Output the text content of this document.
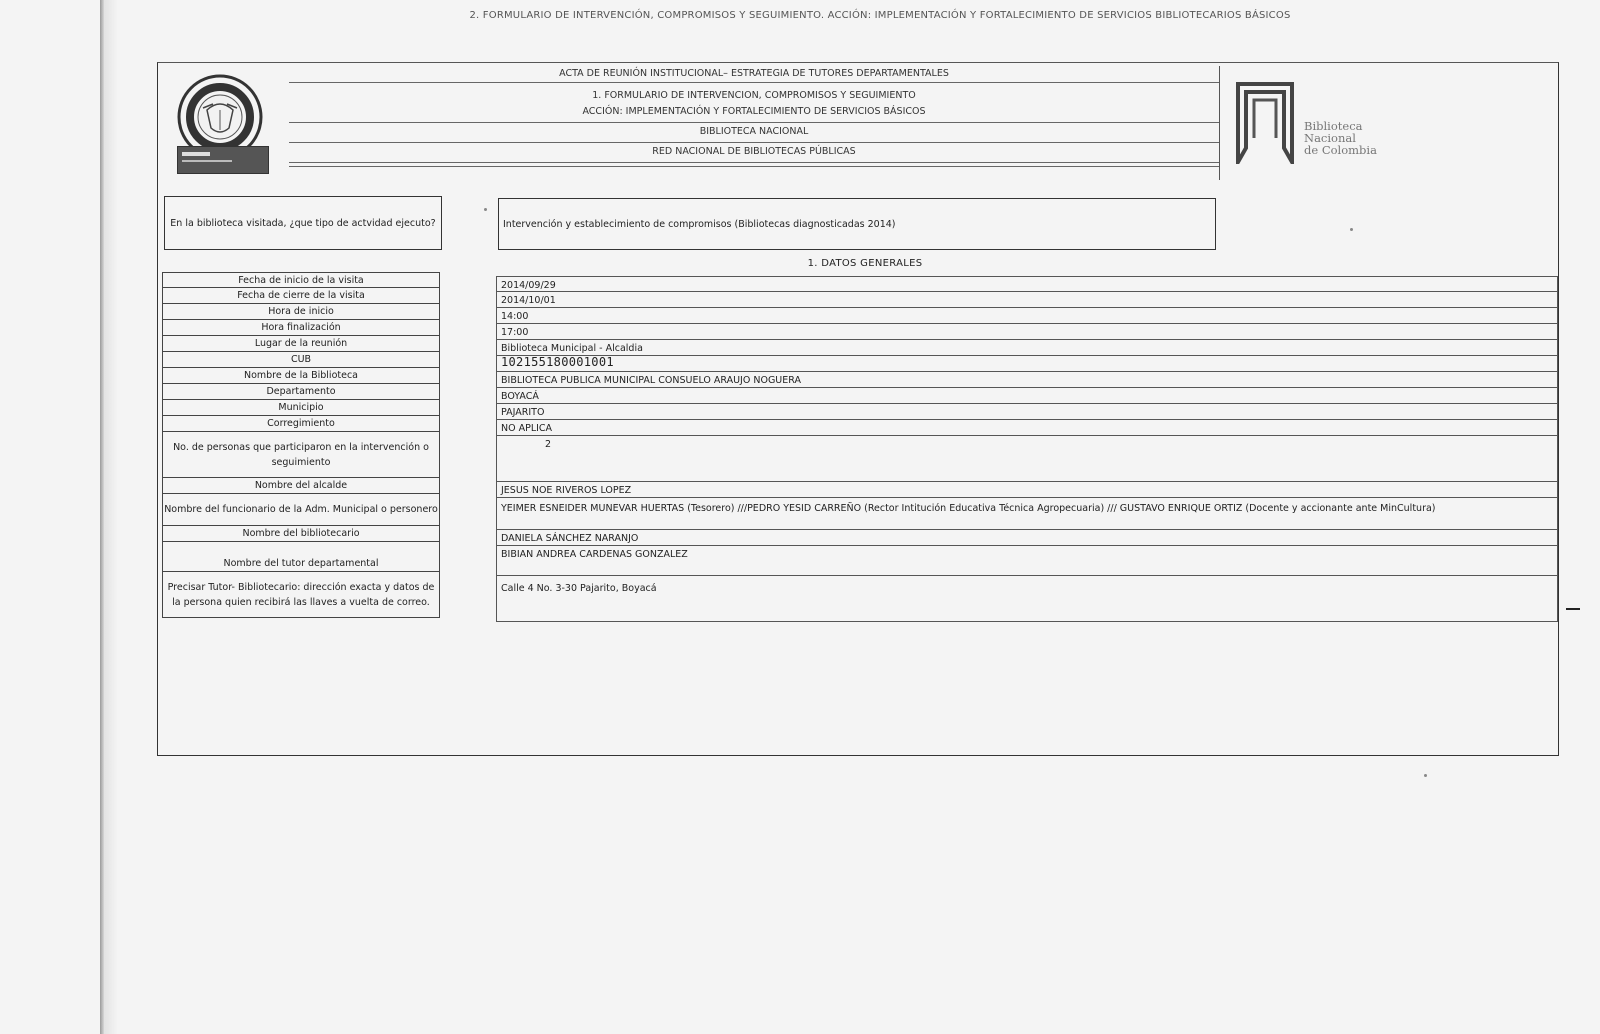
2. FORMULARIO DE INTERVENCIÓN, COMPROMISOS Y SEGUIMIENTO. ACCIÓN: IMPLEMENTACIÓN Y FORTALECIMIENTO DE SERVICIOS BIBLIOTECARIOS BÁSICOS
ACTA DE REUNIÓN INSTITUCIONAL– ESTRATEGIA DE TUTORES DEPARTAMENTALES
1. FORMULARIO DE INTERVENCION, COMPROMISOS Y SEGUIMIENTO
ACCIÓN: IMPLEMENTACIÓN Y FORTALECIMIENTO DE SERVICIOS BÁSICOS
BIBLIOTECA NACIONAL
RED NACIONAL DE BIBLIOTECAS PÚBLICAS
Biblioteca
Nacional
de Colombia
En la biblioteca visitada, ¿que tipo de actvidad ejecuto?	Intervención y establecimiento de compromisos (Bibliotecas diagnosticadas 2014)
1. DATOS GENERALES
Fecha de inicio de la visita
Fecha de cierre de la visita
Hora de inicio
Hora finalización
Lugar de la reunión
CUB
Nombre de la Biblioteca
Departamento
Municipio
Corregimiento
No. de personas que participaron en la intervención o seguimiento
Nombre del alcalde
Nombre del funcionario de la Adm. Municipal o personero
Nombre del bibliotecario
Nombre del tutor departamental
Precisar Tutor- Bibliotecario: dirección exacta y datos de la persona quien recibirá las llaves a vuelta de correo.
2014/09/29
2014/10/01
14:00
17:00
Biblioteca Municipal - Alcaldia
102155180001001
BIBLIOTECA PUBLICA MUNICIPAL CONSUELO ARAUJO NOGUERA
BOYACÁ
PAJARITO
NO APLICA
2
JESUS NOE RIVEROS LOPEZ
YEIMER ESNEIDER MUNEVAR HUERTAS (Tesorero) ///PEDRO YESID CARREÑO (Rector Intitución Educativa Técnica Agropecuaria) /// GUSTAVO ENRIQUE ORTIZ (Docente y accionante ante MinCultura)
DANIELA SÁNCHEZ NARANJO
BIBIAN ANDREA CARDENAS GONZALEZ
Calle 4 No. 3-30 Pajarito, Boyacá
